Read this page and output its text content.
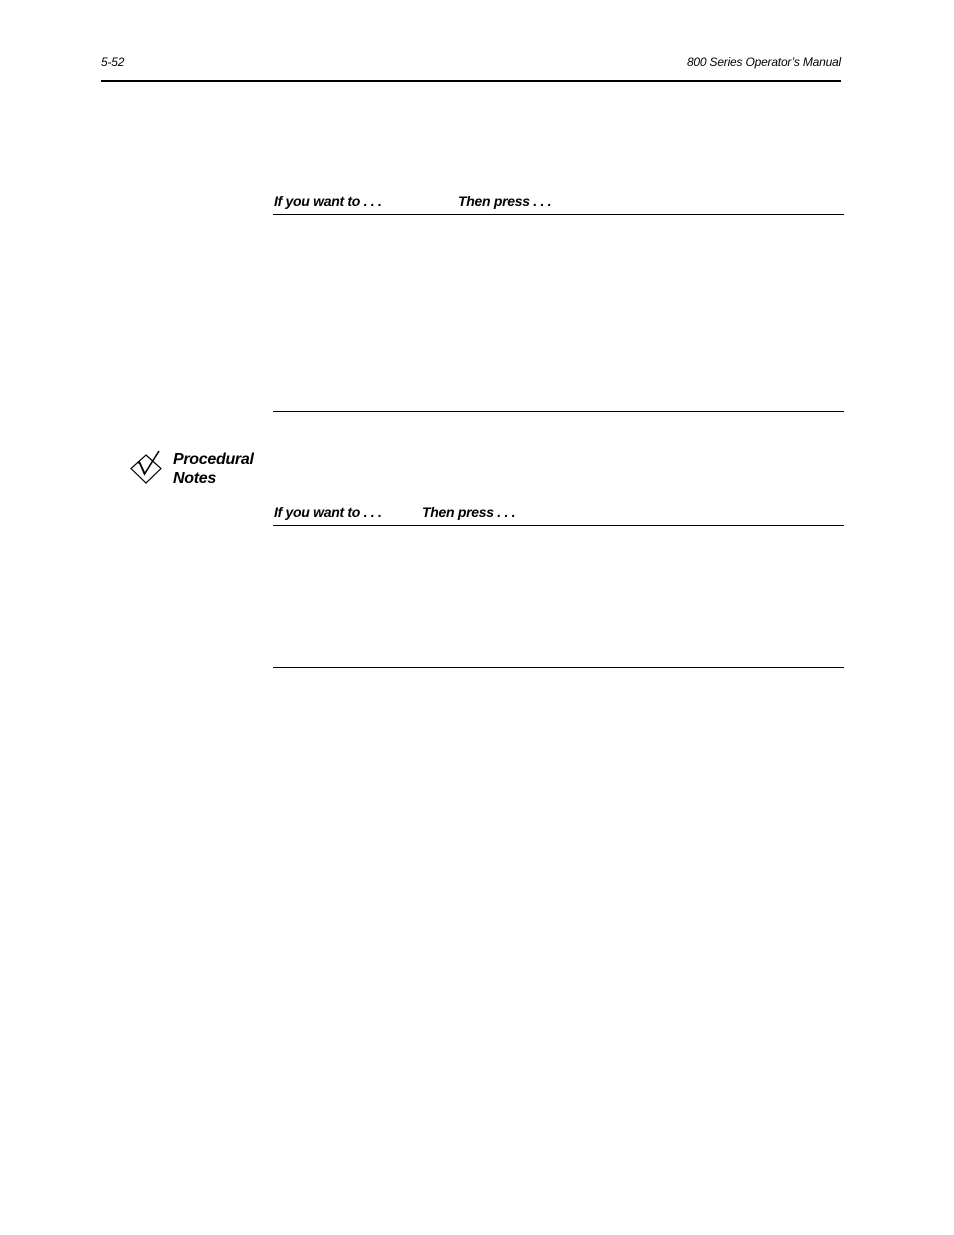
5-52	800 Series Operator’s Manual
If you want to . . .	Then press . . .
Procedural
Notes
If you want to . . .	Then press . . .
